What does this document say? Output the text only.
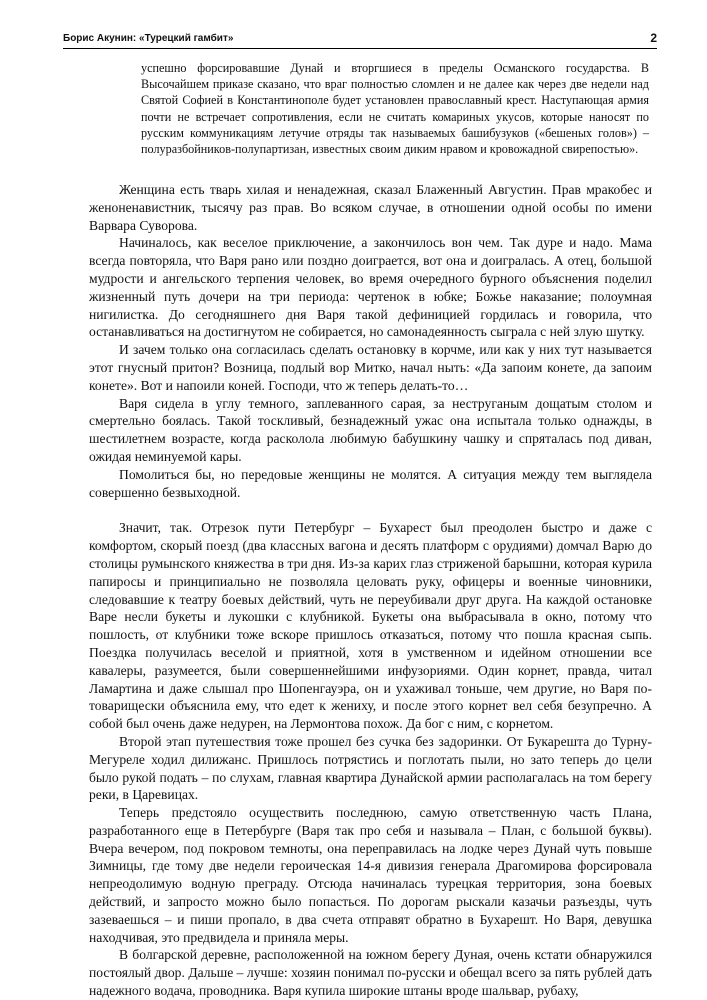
Борис Акунин: «Турецкий гамбит»	2

успешно форсировавшие Дунай и вторгшиеся в пределы Османского государства. В Высочайшем приказе сказано, что враг полностью сломлен и не далее как через две недели над Святой Софией в Константинополе будет установлен православный крест. Наступающая армия почти не встречает сопротивления, если не считать комариных укусов, которые наносят по русским коммуникациям летучие отряды так называемых башибузуков («бешеных голов») – полуразбойников-полупартизан, известных своим диким нравом и кровожадной свирепостью».

Женщина есть тварь хилая и ненадежная, сказал Блаженный Августин. Прав мракобес и женоненавистник, тысячу раз прав. Во всяком случае, в отношении одной особы по имени Варвара Суворова.

Начиналось, как веселое приключение, а закончилось вон чем. Так дуре и надо. Мама всегда повторяла, что Варя рано или поздно доиграется, вот она и доигралась. А отец, большой мудрости и ангельского терпения человек, во время очередного бурного объяснения поделил жизненный путь дочери на три периода: чертенок в юбке; Божье наказание; полоумная нигилистка. До сегодняшнего дня Варя такой дефиницией гордилась и говорила, что останавливаться на достигнутом не собирается, но самонадеянность сыграла с ней злую шутку.

И зачем только она согласилась сделать остановку в корчме, или как у них тут называется этот гнусный притон? Возница, подлый вор Митко, начал ныть: «Да запоим конете, да запоим конете». Вот и напоили коней. Господи, что ж теперь делать-то…

Варя сидела в углу темного, заплеванного сарая, за неструганым дощатым столом и смертельно боялась. Такой тоскливый, безнадежный ужас она испытала только однажды, в шестилетнем возрасте, когда расколола любимую бабушкину чашку и спряталась под диван, ожидая неминуемой кары.

Помолиться бы, но передовые женщины не молятся. А ситуация между тем выглядела совершенно безвыходной.

Значит, так. Отрезок пути Петербург – Бухарест был преодолен быстро и даже с комфортом, скорый поезд (два классных вагона и десять платформ с орудиями) домчал Варю до столицы румынского княжества в три дня. Из-за карих глаз стриженой барышни, которая курила папиросы и принципиально не позволяла целовать руку, офицеры и военные чиновники, следовавшие к театру боевых действий, чуть не переубивали друг друга. На каждой остановке Варе несли букеты и лукошки с клубникой. Букеты она выбрасывала в окно, потому что пошлость, от клубники тоже вскоре пришлось отказаться, потому что пошла красная сыпь. Поездка получилась веселой и приятной, хотя в умственном и идейном отношении все кавалеры, разумеется, были совершеннейшими инфузориями. Один корнет, правда, читал Ламартина и даже слышал про Шопенгауэра, он и ухаживал тоньше, чем другие, но Варя по-товарищески объяснила ему, что едет к жениху, и после этого корнет вел себя безупречно. А собой был очень даже недурен, на Лермонтова похож. Да бог с ним, с корнетом.

Второй этап путешествия тоже прошел без сучка без задоринки. От Букарешта до Турну-Мегуреле ходил дилижанс. Пришлось потрястись и поглотать пыли, но зато теперь до цели было рукой подать – по слухам, главная квартира Дунайской армии располагалась на том берегу реки, в Царевицах.

Теперь предстояло осуществить последнюю, самую ответственную часть Плана, разработанного еще в Петербурге (Варя так про себя и называла – План, с большой буквы). Вчера вечером, под покровом темноты, она переправилась на лодке через Дунай чуть повыше Зимницы, где тому две недели героическая 14-я дивизия генерала Драгомирова форсировала непреодолимую водную преграду. Отсюда начиналась турецкая территория, зона боевых действий, и запросто можно было попасться. По дорогам рыскали казачьи разъезды, чуть зазеваешься – и пиши пропало, в два счета отправят обратно в Бухарешт. Но Варя, девушка находчивая, это предвидела и приняла меры.

В болгарской деревне, расположенной на южном берегу Дуная, очень кстати обнаружился постоялый двор. Дальше – лучше: хозяин понимал по-русски и обещал всего за пять рублей дать надежного водача, проводника. Варя купила широкие штаны вроде шальвар, рубаху,
